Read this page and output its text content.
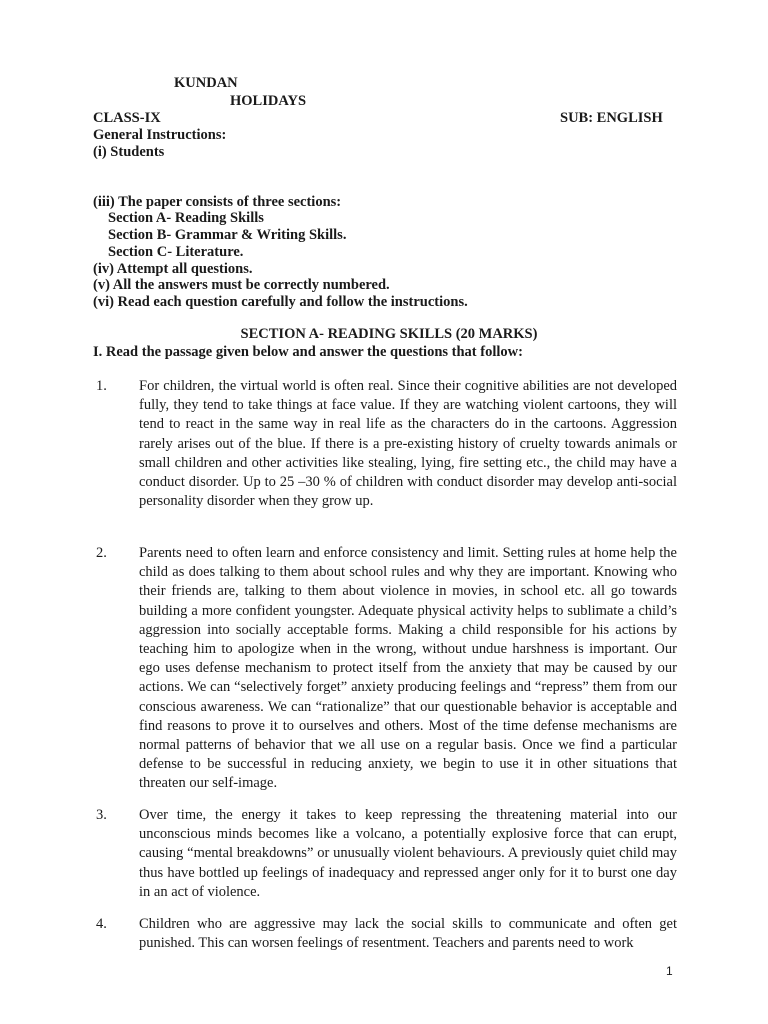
KUNDAN
HOLIDAYS
CLASS-IX	SUB: ENGLISH
General Instructions:
(i) Students
(iii) The paper consists of three sections:
Section A- Reading Skills
Section B- Grammar & Writing Skills.
Section C- Literature.
(iv) Attempt all questions.
(v) All the answers must be correctly numbered.
(vi) Read each question carefully and follow the instructions.
SECTION A- READING SKILLS (20 MARKS)
I. Read the passage given below and answer the questions that follow:
1. For children, the virtual world is often real. Since their cognitive abilities are not developed fully, they tend to take things at face value. If they are watching violent cartoons, they will tend to react in the same way in real life as the characters do in the cartoons. Aggression rarely arises out of the blue. If there is a pre-existing history of cruelty towards animals or small children and other activities like stealing, lying, fire setting etc., the child may have a conduct disorder. Up to 25 –30 % of children with conduct disorder may develop anti-social personality disorder when they grow up.
2. Parents need to often learn and enforce consistency and limit. Setting rules at home help the child as does talking to them about school rules and why they are important. Knowing who their friends are, talking to them about violence in movies, in school etc. all go towards building a more confident youngster. Adequate physical activity helps to sublimate a child’s aggression into socially acceptable forms. Making a child responsible for his actions by teaching him to apologize when in the wrong, without undue harshness is important. Our ego uses defense mechanism to protect itself from the anxiety that may be caused by our actions. We can “selectively forget” anxiety producing feelings and “repress” them from our conscious awareness. We can “rationalize” that our questionable behavior is acceptable and find reasons to prove it to ourselves and others. Most of the time defense mechanisms are normal patterns of behavior that we all use on a regular basis. Once we find a particular defense to be successful in reducing anxiety, we begin to use it in other situations that threaten our self-image.
3. Over time, the energy it takes to keep repressing the threatening material into our unconscious minds becomes like a volcano, a potentially explosive force that can erupt, causing “mental breakdowns” or unusually violent behaviours. A previously quiet child may thus have bottled up feelings of inadequacy and repressed anger only for it to burst one day in an act of violence.
4. Children who are aggressive may lack the social skills to communicate and often get punished. This can worsen feelings of resentment. Teachers and parents need to work
1
